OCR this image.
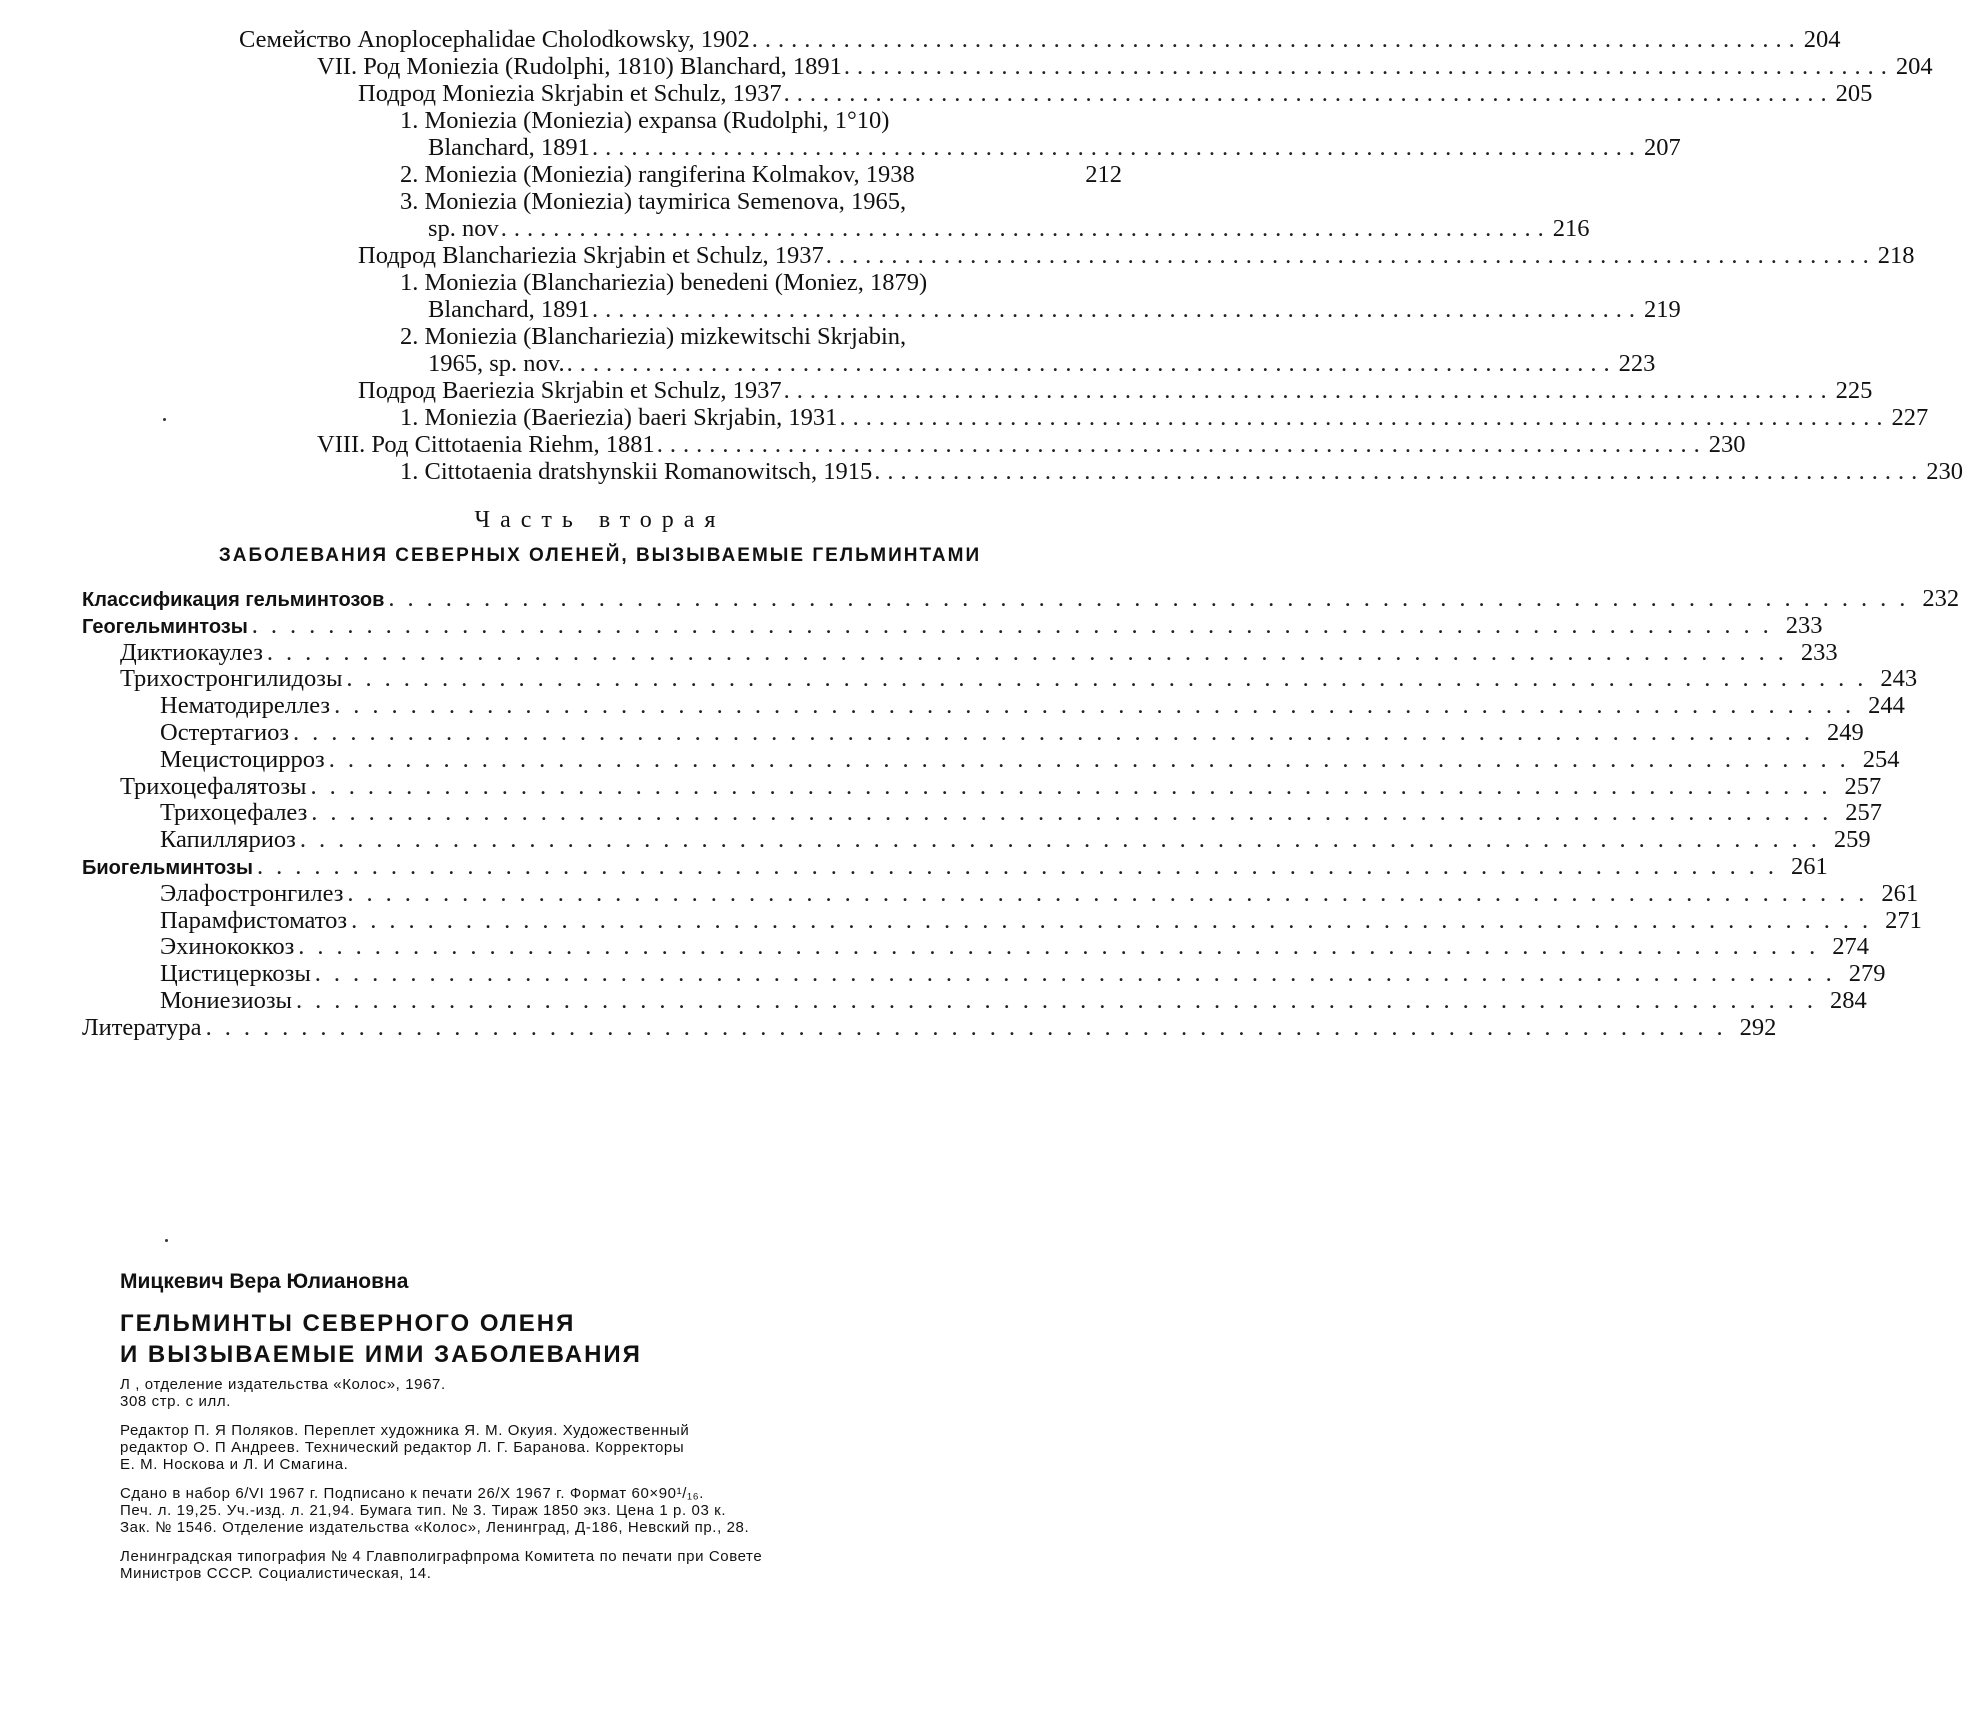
Семейство Anoplocephalidae Cholodkowsky, 1902 ................................................................................ 204
VII. Род Moniezia (Rudolphi, 1810) Blanchard, 1891 ................................................................................ 204
Подрод Moniezia Skrjabin et Schulz, 1937 ................................................................................ 205
1. Moniezia (Moniezia) expansa (Rudolphi, 1°10)
Blanchard, 1891 ................................................................................ 207
2. Moniezia (Moniezia) rangiferina Kolmakov, 1938	212
3. Moniezia (Moniezia) taymirica Semenova, 1965,
sp. nov ................................................................................ 216
Подрод Blanchariezia Skrjabin et Schulz, 1937 ................................................................................ 218
1. Moniezia (Blanchariezia) benedeni (Moniez, 1879)
Blanchard, 1891 ................................................................................ 219
2. Moniezia (Blanchariezia) mizkewitschi Skrjabin,
1965, sp. nov. ................................................................................ 223
Подрод Baeriezia Skrjabin et Schulz, 1937 ................................................................................ 225
1. Moniezia (Baeriezia) baeri Skrjabin, 1931 ................................................................................ 227
VIII. Род Cittotaenia Riehm, 1881 ................................................................................ 230
1. Cittotaenia dratshynskii Romanowitsch, 1915 ................................................................................ 230
Часть вторая
ЗАБОЛЕВАНИЯ СЕВЕРНЫХ ОЛЕНЕЙ, ВЫЗЫВАЕМЫЕ ГЕЛЬМИНТАМИ
Классификация гельминтозов ................................................................................ 232
Геогельминтозы ................................................................................ 233
Диктиокаулез ................................................................................ 233
Трихостронгилидозы ................................................................................ 243
Нематодиреллез ................................................................................ 244
Остертагиоз ................................................................................ 249
Мецистоцирроз ................................................................................ 254
Трихоцефалятозы ................................................................................ 257
Трихоцефалез ................................................................................ 257
Капилляриоз ................................................................................ 259
Биогельминтозы ................................................................................ 261
Элафостронгилез ................................................................................ 261
Парамфистоматоз ................................................................................ 271
Эхинококкоз ................................................................................ 274
Цистицеркозы ................................................................................ 279
Мониезиозы ................................................................................ 284
Литература ................................................................................ 292
Мицкевич Вера Юлиановна
ГЕЛЬМИНТЫ СЕВЕРНОГО ОЛЕНЯ
И ВЫЗЫВАЕМЫЕ ИМИ ЗАБОЛЕВАНИЯ
Л , отделение издательства «Колос», 1967.
308 стр. с илл.
Редактор П. Я Поляков. Переплет художника Я. М. Окуия. Художественный
редактор О. П Андреев. Технический редактор Л. Г. Баранова. Корректоры
Е. М. Носкова и Л. И Смагина.
Сдано в набор 6/VI 1967 г. Подписано к печати 26/X 1967 г. Формат 60×90¹/₁₆.
Печ. л. 19,25. Уч.-изд. л. 21,94. Бумага тип. № 3. Тираж 1850 экз. Цена 1 р. 03 к.
Зак. № 1546. Отделение издательства «Колос», Ленинград, Д-186, Невский пр., 28.
Ленинградская типография № 4 Главполиграфпрома Комитета по печати при Совете
Министров СССР. Социалистическая, 14.
